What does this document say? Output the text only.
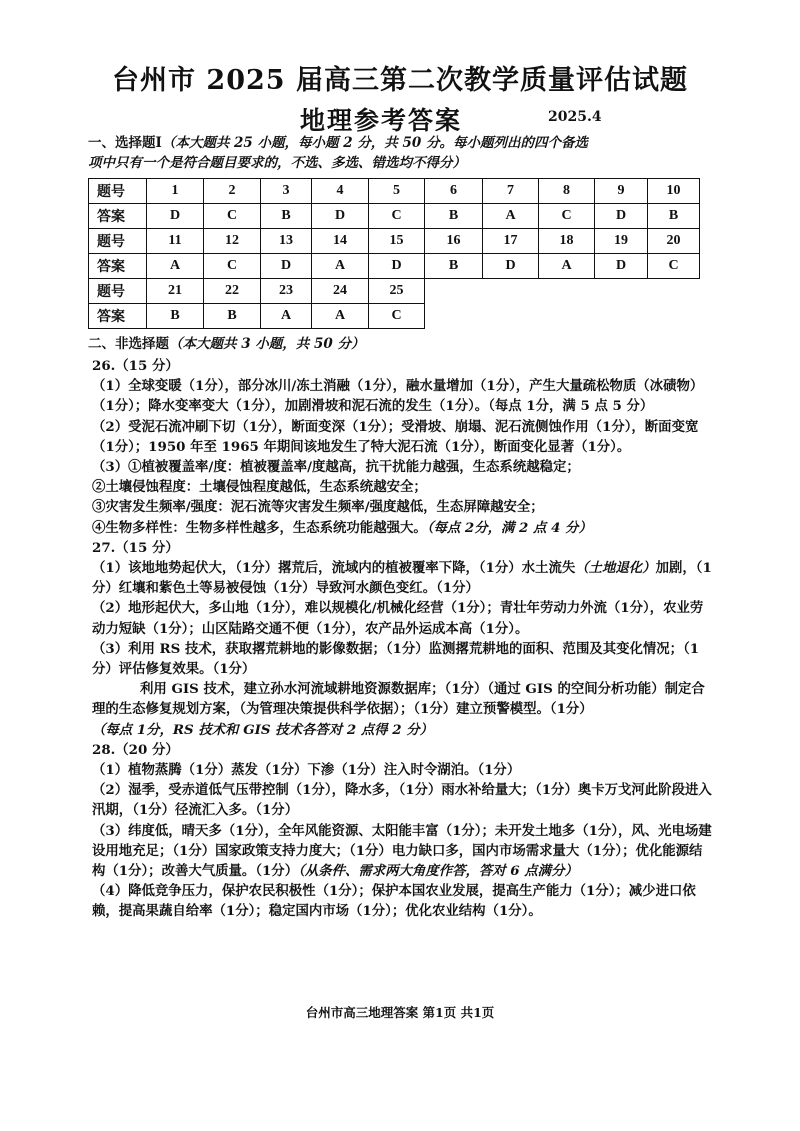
台州市 2025 届高三第二次教学质量评估试题
地理参考答案	2025.4
一、选择题Ⅰ（本大题共 25 小题，每小题 2 分，共 50 分。每小题列出的四个备选
项中只有一个是符合题目要求的，不选、多选、错选均不得分）
题号	1	2	3	4	5	6	7	8	9	10
答案	D	C	B	D	C	B	A	C	D	B
题号	11	12	13	14	15	16	17	18	19	20
答案	A	C	D	A	D	B	D	A	D	C
题号	21	22	23	24	25					
答案	B	B	A	A	C					
二、非选择题（本大题共 3 小题，共 50 分）

26.（15 分）

（1）全球变暖（1分），部分冰川/冻土消融（1分），融水量增加（1分），产生大量疏松物质（冰碛物）（1分）；降水变率变大（1分），加剧滑坡和泥石流的发生（1分）。（每点 1分，满 5 点 5 分）

（2）受泥石流冲刷下切（1分），断面变深（1分）；受滑坡、崩塌、泥石流侧蚀作用（1分），断面变宽（1分）；1950 年至 1965 年期间该地发生了特大泥石流（1分），断面变化显著（1分）。

（3）①植被覆盖率/度：植被覆盖率/度越高，抗干扰能力越强，生态系统越稳定；

②土壤侵蚀程度：土壤侵蚀程度越低，生态系统越安全；

③灾害发生频率/强度：泥石流等灾害发生频率/强度越低，生态屏障越安全；

④生物多样性：生物多样性越多，生态系统功能越强大。（每点 2分，满 2 点 4 分）

27.（15 分）

（1）该地地势起伏大，（1分）撂荒后，流域内的植被覆率下降，（1分）水土流失（土地退化）加剧，（1分）红壤和紫色土等易被侵蚀（1分）导致河水颜色变红。（1分）

（2）地形起伏大，多山地（1分），难以规模化/机械化经营（1分）；青壮年劳动力外流（1分），农业劳动力短缺（1分）；山区陆路交通不便（1分），农产品外运成本高（1分）。

（3）利用 RS 技术，获取撂荒耕地的影像数据；（1分）监测撂荒耕地的面积、范围及其变化情况；（1分）评估修复效果。（1分）

利用 GIS 技术，建立孙水河流域耕地资源数据库；（1分）（通过 GIS 的空间分析功能）制定合理的生态修复规划方案，（为管理决策提供科学依据）；（1分）建立预警模型。（1分）

（每点 1分，RS 技术和 GIS 技术各答对 2 点得 2 分）

28.（20 分）

（1）植物蒸腾（1分）蒸发（1分）下渗（1分）注入时令湖泊。（1分）

（2）湿季，受赤道低气压带控制（1分），降水多，（1分）雨水补给量大；（1分）奥卡万戈河此阶段进入汛期，（1分）径流汇入多。（1分）

（3）纬度低，晴天多（1分），全年风能资源、太阳能丰富（1分）；未开发土地多（1分），风、光电场建设用地充足；（1分）国家政策支持力度大；（1分）电力缺口多，国内市场需求量大（1分）；优化能源结构（1分）；改善大气质量。（1分）（从条件、需求两大角度作答，答对 6 点满分）

（4）降低竞争压力，保护农民积极性（1分）；保护本国农业发展，提高生产能力（1分）；减少进口依赖，提高果蔬自给率（1分）；稳定国内市场（1分）；优化农业结构（1分）。

台州市高三地理答案 第1页 共1页
